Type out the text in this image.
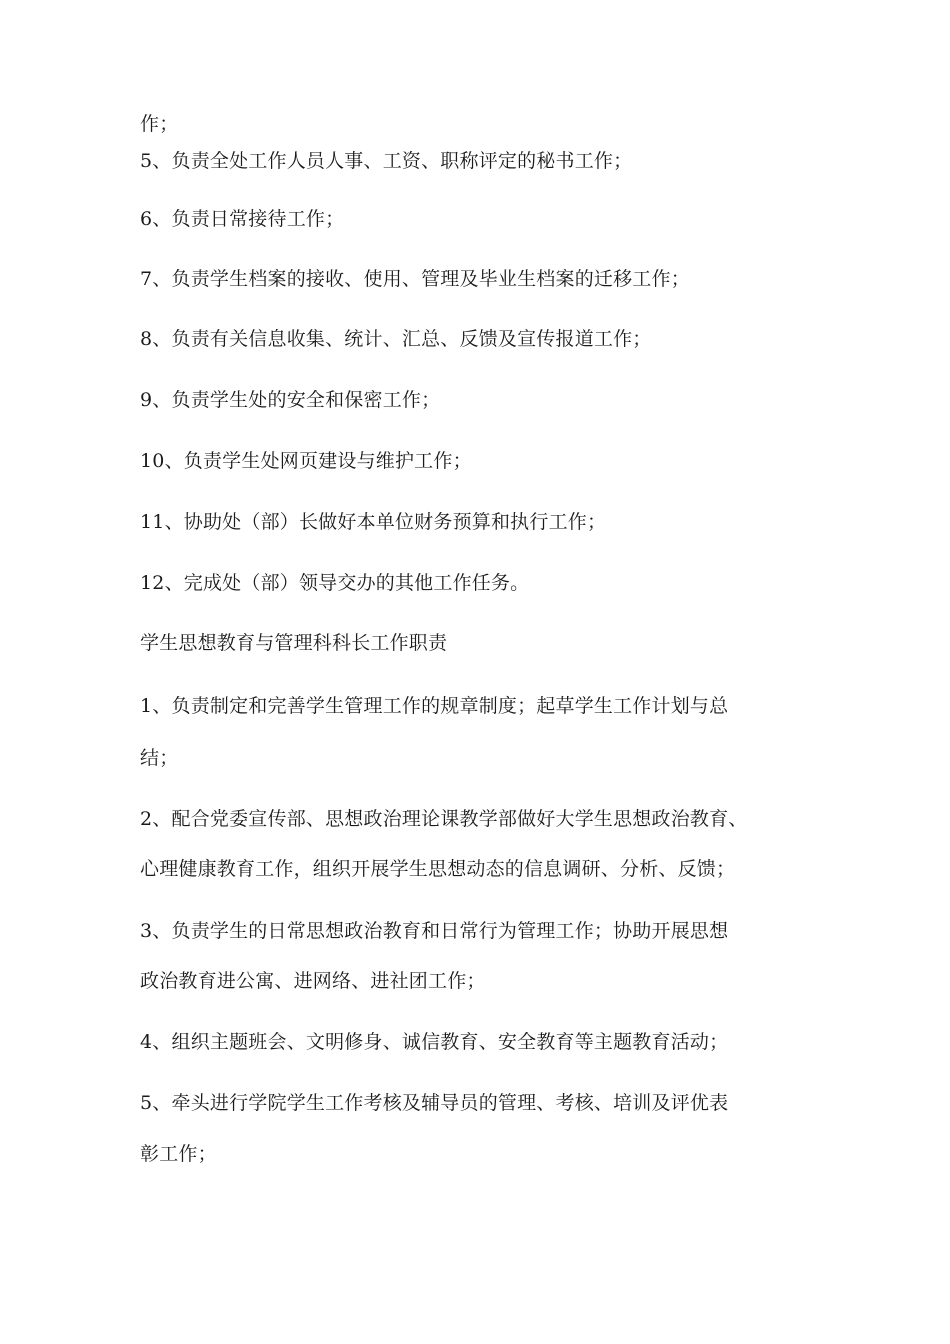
作；
5、负责全处工作人员人事、工资、职称评定的秘书工作；
6、负责日常接待工作；
7、负责学生档案的接收、使用、管理及毕业生档案的迁移工作；
8、负责有关信息收集、统计、汇总、反馈及宣传报道工作；
9、负责学生处的安全和保密工作；
10、负责学生处网页建设与维护工作；
11、协助处（部）长做好本单位财务预算和执行工作；
12、完成处（部）领导交办的其他工作任务。
学生思想教育与管理科科长工作职责
1、负责制定和完善学生管理工作的规章制度；起草学生工作计划与总
结；
2、配合党委宣传部、思想政治理论课教学部做好大学生思想政治教育、
心理健康教育工作，组织开展学生思想动态的信息调研、分析、反馈；
3、负责学生的日常思想政治教育和日常行为管理工作；协助开展思想
政治教育进公寓、进网络、进社团工作；
4、组织主题班会、文明修身、诚信教育、安全教育等主题教育活动；
5、牵头进行学院学生工作考核及辅导员的管理、考核、培训及评优表
彰工作；
